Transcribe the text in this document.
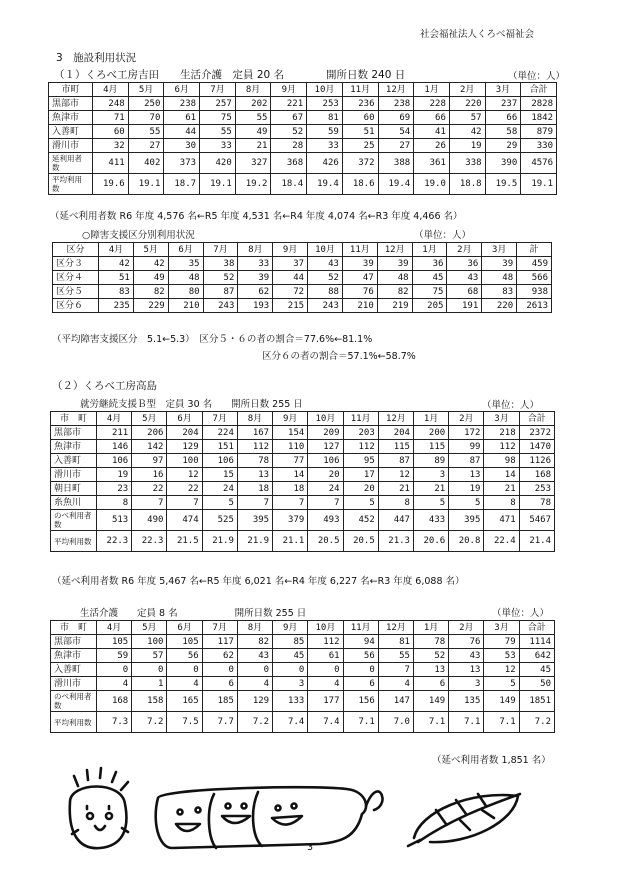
社会福祉法人くろべ福祉会
3　施設利用状況
（１）くろべ工房吉田　　生活介護　定員 20 名　　　　開所日数 240 日	（単位：人）
市町	4月	5月	6月	7月	8月	9月	10月	11月	12月	1月	2月	3月	合計
黒部市	248	250	238	257	202	221	253	236	238	228	220	237	2828
魚津市	71	70	61	75	55	67	81	60	69	66	57	66	1842
入善町	60	55	44	55	49	52	59	51	54	41	42	58	879
滑川市	32	27	30	33	21	28	33	25	27	26	19	29	330
延利用者数	411	402	373	420	327	368	426	372	388	361	338	390	4576
平均利用数	19.6	19.1	18.7	19.1	19.2	18.4	19.4	18.6	19.4	19.0	18.8	19.5	19.1
（延べ利用者数 R6 年度 4,576 名←R5 年度 4,531 名←R4 年度 4,074 名←R3 年度 4,466 名）
○障害支援区分別利用状況	（単位：人）
区分	4月	5月	6月	7月	8月	9月	10月	11月	12月	1月	2月	3月	計
区分３	42	42	35	38	33	37	43	39	39	36	36	39	459
区分４	51	49	48	52	39	44	52	47	48	45	43	48	566
区分５	83	82	80	87	62	72	88	76	82	75	68	83	938
区分６	235	229	210	243	193	215	243	210	219	205	191	220	2613
（平均障害支援区分　5.1←5.3）　区分５・６の者の割合＝77.6%←81.1%
区分６の者の割合＝57.1%←58.7%
（２）くろべ工房高島
就労継続支援Ｂ型　定員 30 名　　開所日数 255 日	（単位：人）
市　町	4月	5月	6月	7月	8月	9月	10月	11月	12月	1月	2月	3月	合計
黒部市	211	206	204	224	167	154	209	203	204	200	172	218	2372
魚津市	146	142	129	151	112	110	127	112	115	115	99	112	1470
入善町	106	97	100	106	78	77	106	95	87	89	87	98	1126
滑川市	19	16	12	15	13	14	20	17	12	3	13	14	168
朝日町	23	22	22	24	18	18	24	20	21	21	19	21	253
糸魚川	8	7	7	5	7	7	7	5	8	5	5	8	78
のべ利用者数	513	490	474	525	395	379	493	452	447	433	395	471	5467
平均利用数	22.3	22.3	21.5	21.9	21.9	21.1	20.5	20.5	21.3	20.6	20.8	22.4	21.4
（延べ利用者数 R6 年度 5,467 名←R5 年度 6,021 名←R4 年度 6,227 名←R3 年度 6,088 名）
生活介護　　定員 8 名　　　　　　開所日数 255 日	（単位：人）
市　町	4月	5月	6月	7月	8月	9月	10月	11月	12月	1月	2月	3月	合計
黒部市	105	100	105	117	82	85	112	94	81	78	76	79	1114
魚津市	59	57	56	62	43	45	61	56	55	52	43	53	642
入善町	0	0	0	0	0	0	0	0	7	13	13	12	45
滑川市	4	1	4	6	4	3	4	6	4	6	3	5	50
のべ利用者数	168	158	165	185	129	133	177	156	147	149	135	149	1851
平均利用数	7.3	7.2	7.5	7.7	7.2	7.4	7.4	7.1	7.0	7.1	7.1	7.1	7.2
（延べ利用者数 1,851 名）
3
